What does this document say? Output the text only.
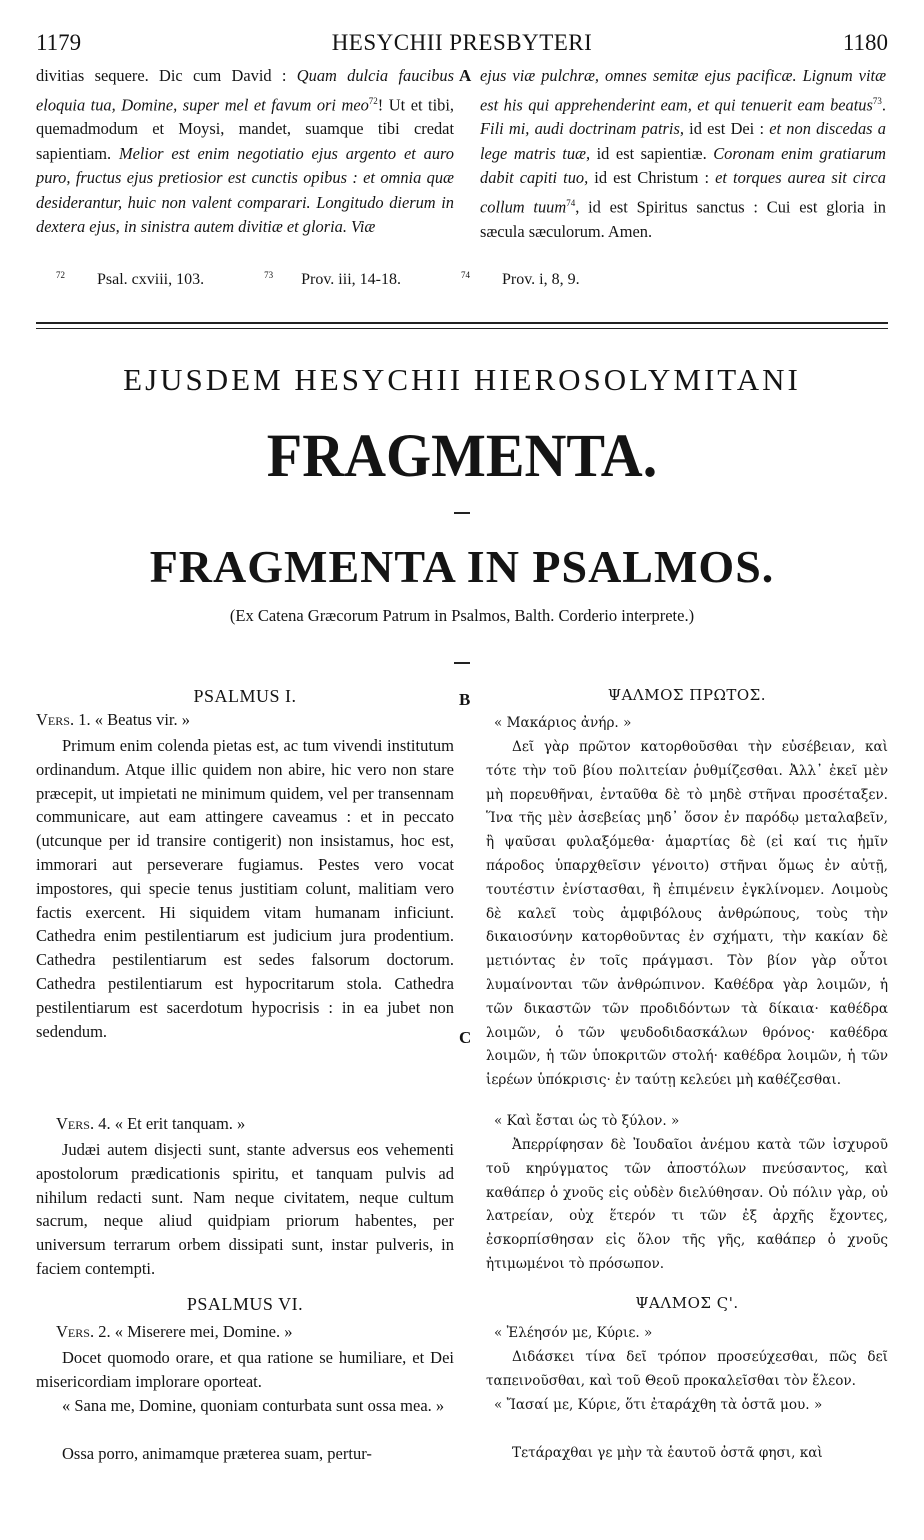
1179	HESYCHII PRESBYTERI	1180
divitias sequere. Dic cum David : Quam dulcia faucibus eloquia tua, Domine, super mel et favum ori meo$^{72}$! Ut et tibi, quemadmodum et Moysi, mandet, suamque tibi credat sapientiam. Melior est enim negotiatio ejus argento et auro puro, fructus ejus pretiosior est cunctis opibus : et omnia quæ desiderantur, huic non valent comparari. Longitudo dierum in dextera ejus, in sinistra autem divitiæ et gloria. Viæ
A ejus viæ pulchræ, omnes semitæ ejus pacificæ. Lignum vitæ est his qui apprehenderint eam, et qui tenuerit eam beatus$^{73}$. Fili mi, audi doctrinam patris, id est Dei : et non discedas a lege matris tuæ, id est sapientiæ. Coronam enim gratiarum dabit capiti tuo, id est Christum : et torques aurea sit circa collum tuum$^{74}$, id est Spiritus sanctus : Cui est gloria in sæcula sæculorum. Amen.
$^{72}$ Psal. cxviii, 103.	$^{73}$ Prov. iii, 14-18.	$^{74}$ Prov. i, 8, 9.
EJUSDEM HESYCHII HIEROSOLYMITANI
FRAGMENTA.
FRAGMENTA IN PSALMOS.
(Ex Catena Græcorum Patrum in Psalmos, Balth. Corderio interprete.)
PSALMUS I.
Vers. 1. « Beatus vir. »
Primum enim colenda pietas est, ac tum vivendi institutum ordinandum. Atque illic quidem non abire, hic vero non stare præcepit, ut impietati ne minimum quidem, vel per transennam communicare, aut eam attingere caveamus : et in peccato (utcunque per id transire contigerit) non insistamus, hoc est, immorari aut perseverare fugiamus. Pestes vero vocat impostores, qui specie tenus justitiam colunt, malitiam vero factis exercent. Hi siquidem vitam humanam inficiunt. Cathedra enim pestilentiarum est judicium jura prodentium. Cathedra pestilentiarum est sedes falsorum doctorum. Cathedra pestilentiarum est hypocritarum stola. Cathedra pestilentiarum est sacerdotum hypocrisis : in ea jubet non sedendum.
Vers. 4. « Et erit tanquam. »
Judæi autem disjecti sunt, stante adversus eos vehementi apostolorum prædicationis spiritu, et tanquam pulvis ad nihilum redacti sunt. Nam neque civitatem, neque cultum sacrum, neque aliud quidpiam priorum habentes, per universum terrarum orbem dissipati sunt, instar pulveris, in faciem contempti.
PSALMUS VI.
Vers. 2. « Miserere mei, Domine. »
Docet quomodo orare, et qua ratione se humiliare, et Dei misericordiam implorare oporteat.
« Sana me, Domine, quoniam conturbata sunt ossa mea. »
Ossa porro, animamque præterea suam, pertur-
B
C
ΨΑΛΜΟΣ ΠΡΩΤΟΣ.
« Μακάριος ἀνήρ. »
Δεῖ γὰρ πρῶτον κατορθοῦσθαι τὴν εὐσέβειαν, καὶ τότε τὴν τοῦ βίου πολιτείαν ῥυθμίζεσθαι. Ἀλλ᾽ ἐκεῖ μὲν μὴ πορευθῆναι, ἐνταῦθα δὲ τὸ μηδὲ στῆναι προσέταξεν. Ἵνα τῆς μὲν ἀσεβείας μηδ᾽ ὅσον ἐν παρόδῳ μεταλαβεῖν, ἢ ψαῦσαι φυλαξόμεθα· ἁμαρτίας δὲ (εἰ καί τις ἡμῖν πάροδος ὑπαρχθεῖσιν γένοιτο) στῆναι ὅμως ἐν αὐτῇ, τουτέστιν ἐνίστασθαι, ἢ ἐπιμένειν ἐγκλίνομεν. Λοιμοὺς δὲ καλεῖ τοὺς ἀμφιβόλους ἀνθρώπους, τοὺς τὴν δικαιοσύνην κατορθοῦντας ἐν σχήματι, τὴν κακίαν δὲ μετιόντας ἐν τοῖς πράγμασι. Τὸν βίον γὰρ οὗτοι λυμαίνονται τῶν ἀνθρώπινον. Καθέδρα γὰρ λοιμῶν, ἡ τῶν δικαστῶν τῶν προδιδόντων τὰ δίκαια· καθέδρα λοιμῶν, ὁ τῶν ψευδοδιδασκάλων θρόνος· καθέδρα λοιμῶν, ἡ τῶν ὑποκριτῶν στολή· καθέδρα λοιμῶν, ἡ τῶν ἱερέων ὑπόκρισις· ἐν ταύτῃ κελεύει μὴ καθέζεσθαι.
« Καὶ ἔσται ὡς τὸ ξύλον. »
Ἀπερρίφησαν δὲ Ἰουδαῖοι ἀνέμου κατὰ τῶν ἰσχυροῦ τοῦ κηρύγματος τῶν ἀποστόλων πνεύσαντος, καὶ καθάπερ ὁ χνοῦς εἰς οὐδὲν διελύθησαν. Οὐ πόλιν γὰρ, οὐ λατρείαν, οὐχ ἕτερόν τι τῶν ἐξ ἀρχῆς ἔχοντες, ἐσκορπίσθησαν εἰς ὅλον τῆς γῆς, καθάπερ ὁ χνοῦς ἠτιμωμένοι τὸ πρόσωπον.
ΨΑΛΜΟΣ Ϛ'.
« Ἐλέησόν με, Κύριε. »
Διδάσκει τίνα δεῖ τρόπον προσεύχεσθαι, πῶς δεῖ ταπεινοῦσθαι, καὶ τοῦ Θεοῦ προκαλεῖσθαι τὸν ἔλεον.
« Ἴασαί με, Κύριε, ὅτι ἐταράχθη τὰ ὀστᾶ μου. »
Τετάραχθαι γε μὴν τὰ ἑαυτοῦ ὀστᾶ φησι, καὶ
